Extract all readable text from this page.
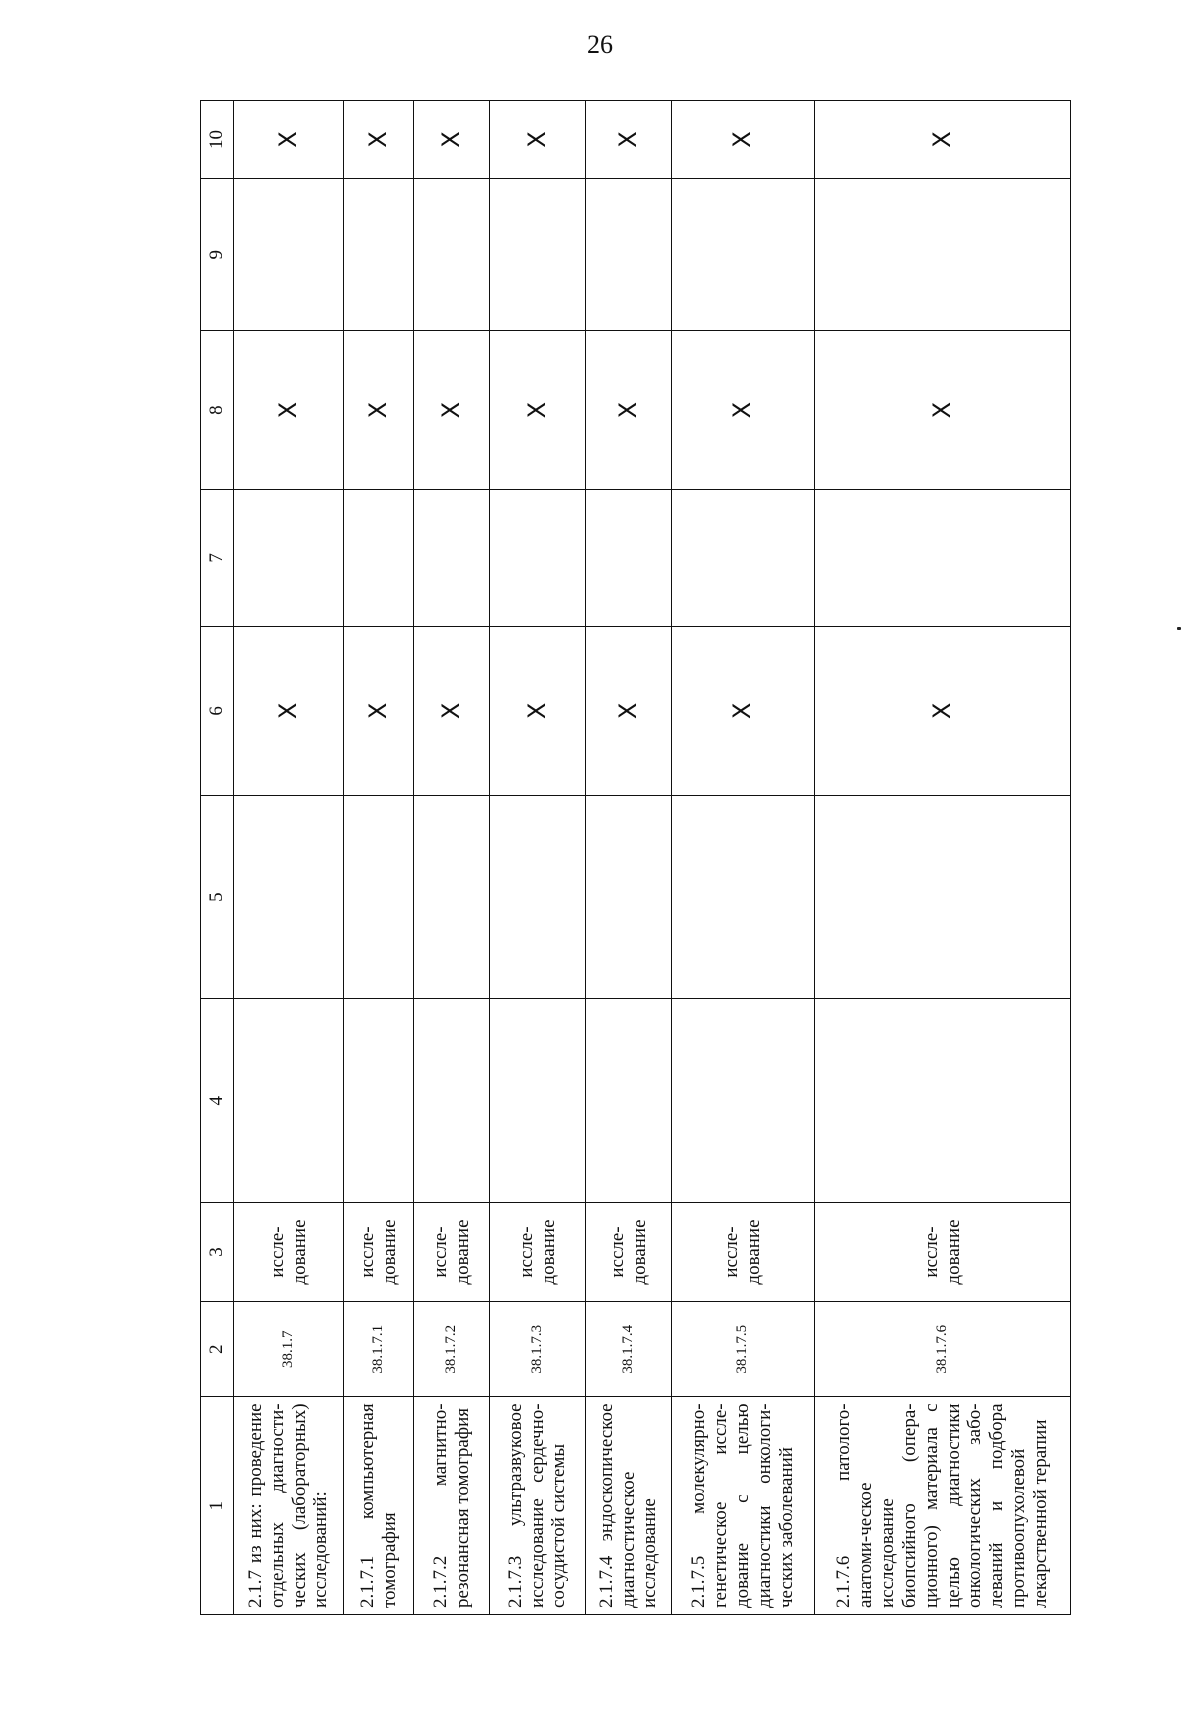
26
1	2	3	4	5	6	7	8	9	10
2.1.7 из них: проведение отдельных диагности-ческих (лабораторных) исследований:	38.1.7	иссле-дование			X		X		X
2.1.7.1 компьютерная томография	38.1.7.1	иссле-дование			X		X		X
2.1.7.2 магнитно-резонансная томография	38.1.7.2	иссле-дование			X		X		X
2.1.7.3 ультразвуковое исследование сердечно-сосудистой системы	38.1.7.3	иссле-дование			X		X		X
2.1.7.4 эндоскопическое диагностическое исследование	38.1.7.4	иссле-дование			X		X		X
2.1.7.5 молекулярно-генетическое иссле-дование с целью диагностики онкологи-ческих заболеваний	38.1.7.5	иссле-дование			X		X		X
2.1.7.6 патолого-анатоми-ческое исследование биопсийного (опера-ционного) материала с целью диагностики онкологических забо-леваний и подбора противоопухолевой лекарственной терапии	38.1.7.6	иссле-дование			X		X		X
